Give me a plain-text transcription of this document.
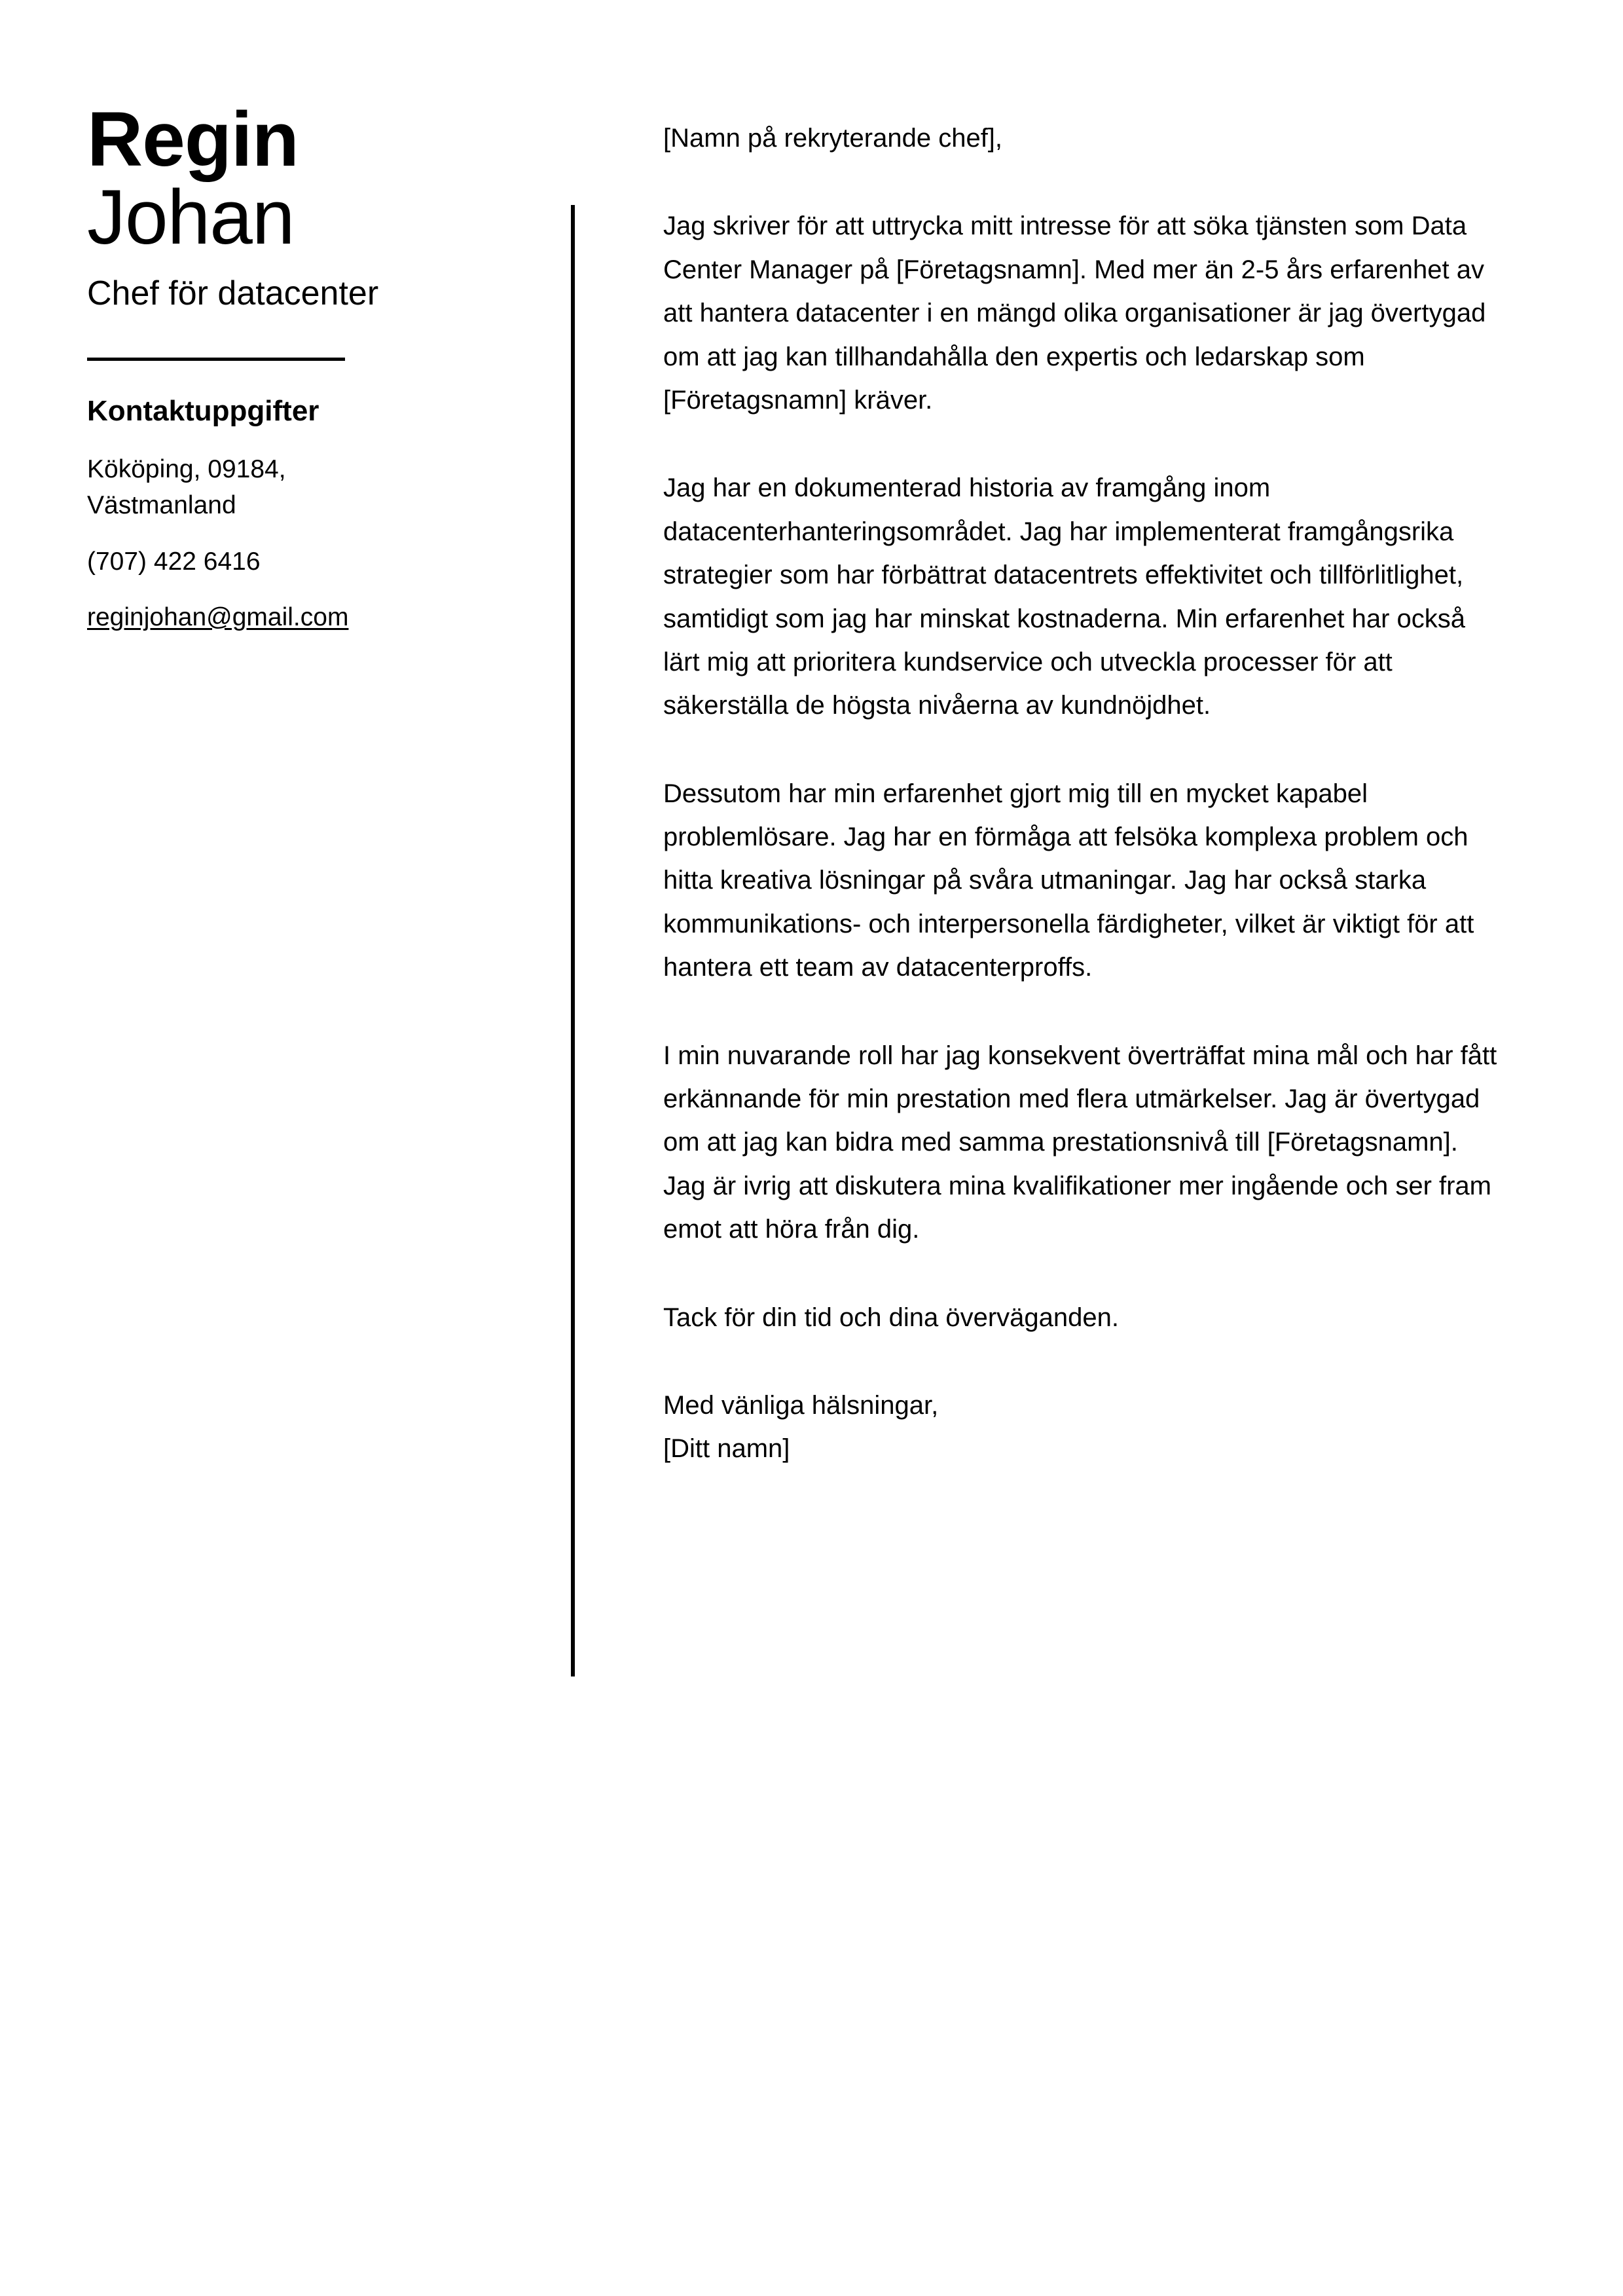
Regin
Johan
Chef för datacenter
Kontaktuppgifter
Kököping, 09184,
Västmanland
(707) 422 6416
reginjohan@gmail.com

[Namn på rekryterande chef],

Jag skriver för att uttrycka mitt intresse för att söka tjänsten som Data Center Manager på [Företagsnamn]. Med mer än 2-5 års erfarenhet av att hantera datacenter i en mängd olika organisationer är jag övertygad om att jag kan tillhandahålla den expertis och ledarskap som [Företagsnamn] kräver.

Jag har en dokumenterad historia av framgång inom datacenterhanteringsområdet. Jag har implementerat framgångsrika strategier som har förbättrat datacentrets effektivitet och tillförlitlighet, samtidigt som jag har minskat kostnaderna. Min erfarenhet har också lärt mig att prioritera kundservice och utveckla processer för att säkerställa de högsta nivåerna av kundnöjdhet.

Dessutom har min erfarenhet gjort mig till en mycket kapabel problemlösare. Jag har en förmåga att felsöka komplexa problem och hitta kreativa lösningar på svåra utmaningar. Jag har också starka kommunikations- och interpersonella färdigheter, vilket är viktigt för att hantera ett team av datacenterproffs.

I min nuvarande roll har jag konsekvent överträffat mina mål och har fått erkännande för min prestation med flera utmärkelser. Jag är övertygad om att jag kan bidra med samma prestationsnivå till [Företagsnamn]. Jag är ivrig att diskutera mina kvalifikationer mer ingående och ser fram emot att höra från dig.

Tack för din tid och dina överväganden.

Med vänliga hälsningar,
[Ditt namn]
